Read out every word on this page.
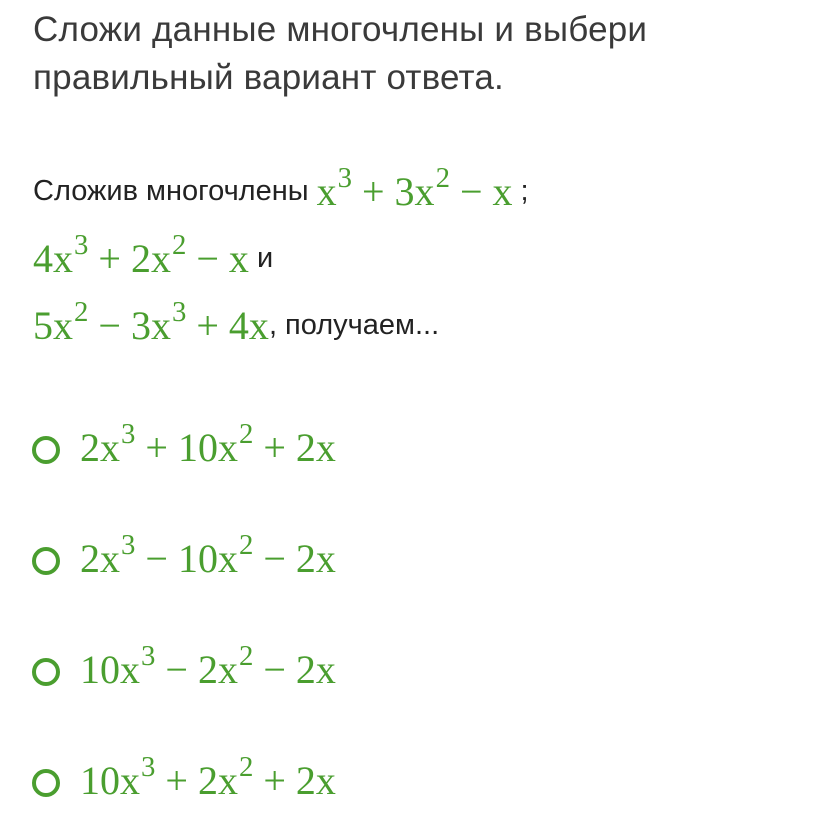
Сложи данные многочлены и выбери правильный вариант ответа.
Сложив многочлены $x^3 + 3x^2 - x$ ;
$4x^3 + 2x^2 - x$ и
$5x^2 - 3x^3 + 4x$ , получаем...
$2x^3 + 10x^2 + 2x$
$2x^3 - 10x^2 - 2x$
$10x^3 - 2x^2 - 2x$
$10x^3 + 2x^2 + 2x$
